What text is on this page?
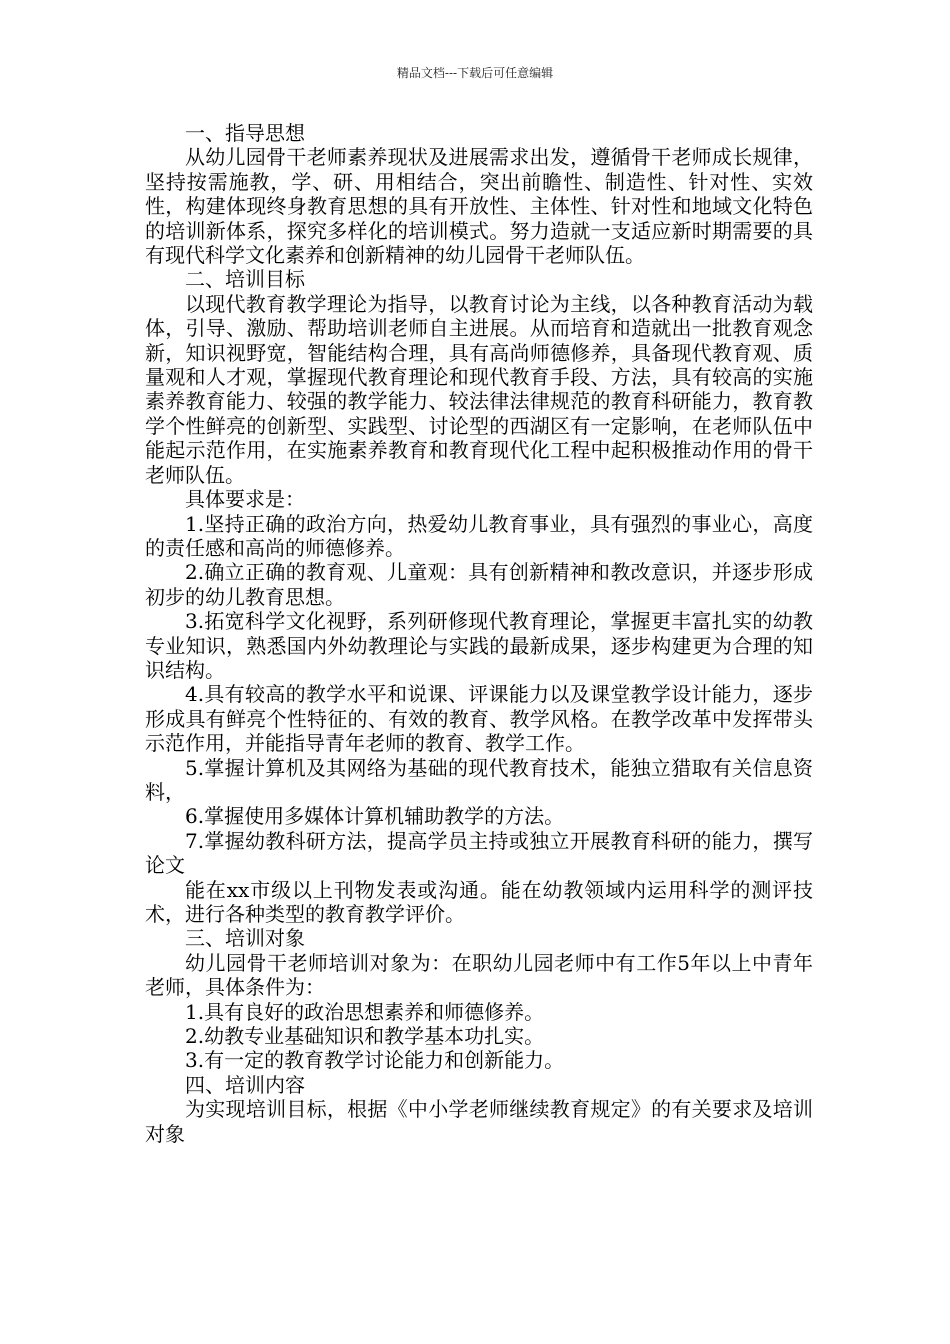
精品文档---下载后可任意编辑

一、指导思想

从幼儿园骨干老师素养现状及进展需求出发，遵循骨干老师成长规律，坚持按需施教，学、研、用相结合，突出前瞻性、制造性、针对性、实效性，构建体现终身教育思想的具有开放性、主体性、针对性和地域文化特色的培训新体系，探究多样化的培训模式。努力造就一支适应新时期需要的具有现代科学文化素养和创新精神的幼儿园骨干老师队伍。

二、培训目标

以现代教育教学理论为指导，以教育讨论为主线，以各种教育活动为载体，引导、激励、帮助培训老师自主进展。从而培育和造就出一批教育观念新，知识视野宽，智能结构合理，具有高尚师德修养，具备现代教育观、质量观和人才观，掌握现代教育理论和现代教育手段、方法，具有较高的实施素养教育能力、较强的教学能力、较法律法律规范的教育科研能力，教育教学个性鲜亮的创新型、实践型、讨论型的西湖区有一定影响，在老师队伍中能起示范作用，在实施素养教育和教育现代化工程中起积极推动作用的骨干老师队伍。

具体要求是：

1.坚持正确的政治方向，热爱幼儿教育事业，具有强烈的事业心，高度的责任感和高尚的师德修养。

2.确立正确的教育观、儿童观：具有创新精神和教改意识，并逐步形成初步的幼儿教育思想。

3.拓宽科学文化视野，系列研修现代教育理论，掌握更丰富扎实的幼教专业知识，熟悉国内外幼教理论与实践的最新成果，逐步构建更为合理的知识结构。

4.具有较高的教学水平和说课、评课能力以及课堂教学设计能力，逐步形成具有鲜亮个性特征的、有效的教育、教学风格。在教学改革中发挥带头示范作用，并能指导青年老师的教育、教学工作。

5.掌握计算机及其网络为基础的现代教育技术，能独立猎取有关信息资料，

6.掌握使用多媒体计算机辅助教学的方法。

7.掌握幼教科研方法，提高学员主持或独立开展教育科研的能力，撰写论文

能在xx市级以上刊物发表或沟通。能在幼教领域内运用科学的测评技术，进行各种类型的教育教学评价。

三、培训对象

幼儿园骨干老师培训对象为：在职幼儿园老师中有工作5年以上中青年老师，具体条件为：

1.具有良好的政治思想素养和师德修养。

2.幼教专业基础知识和教学基本功扎实。

3.有一定的教育教学讨论能力和创新能力。

四、培训内容

为实现培训目标，根据《中小学老师继续教育规定》的有关要求及培训对象
